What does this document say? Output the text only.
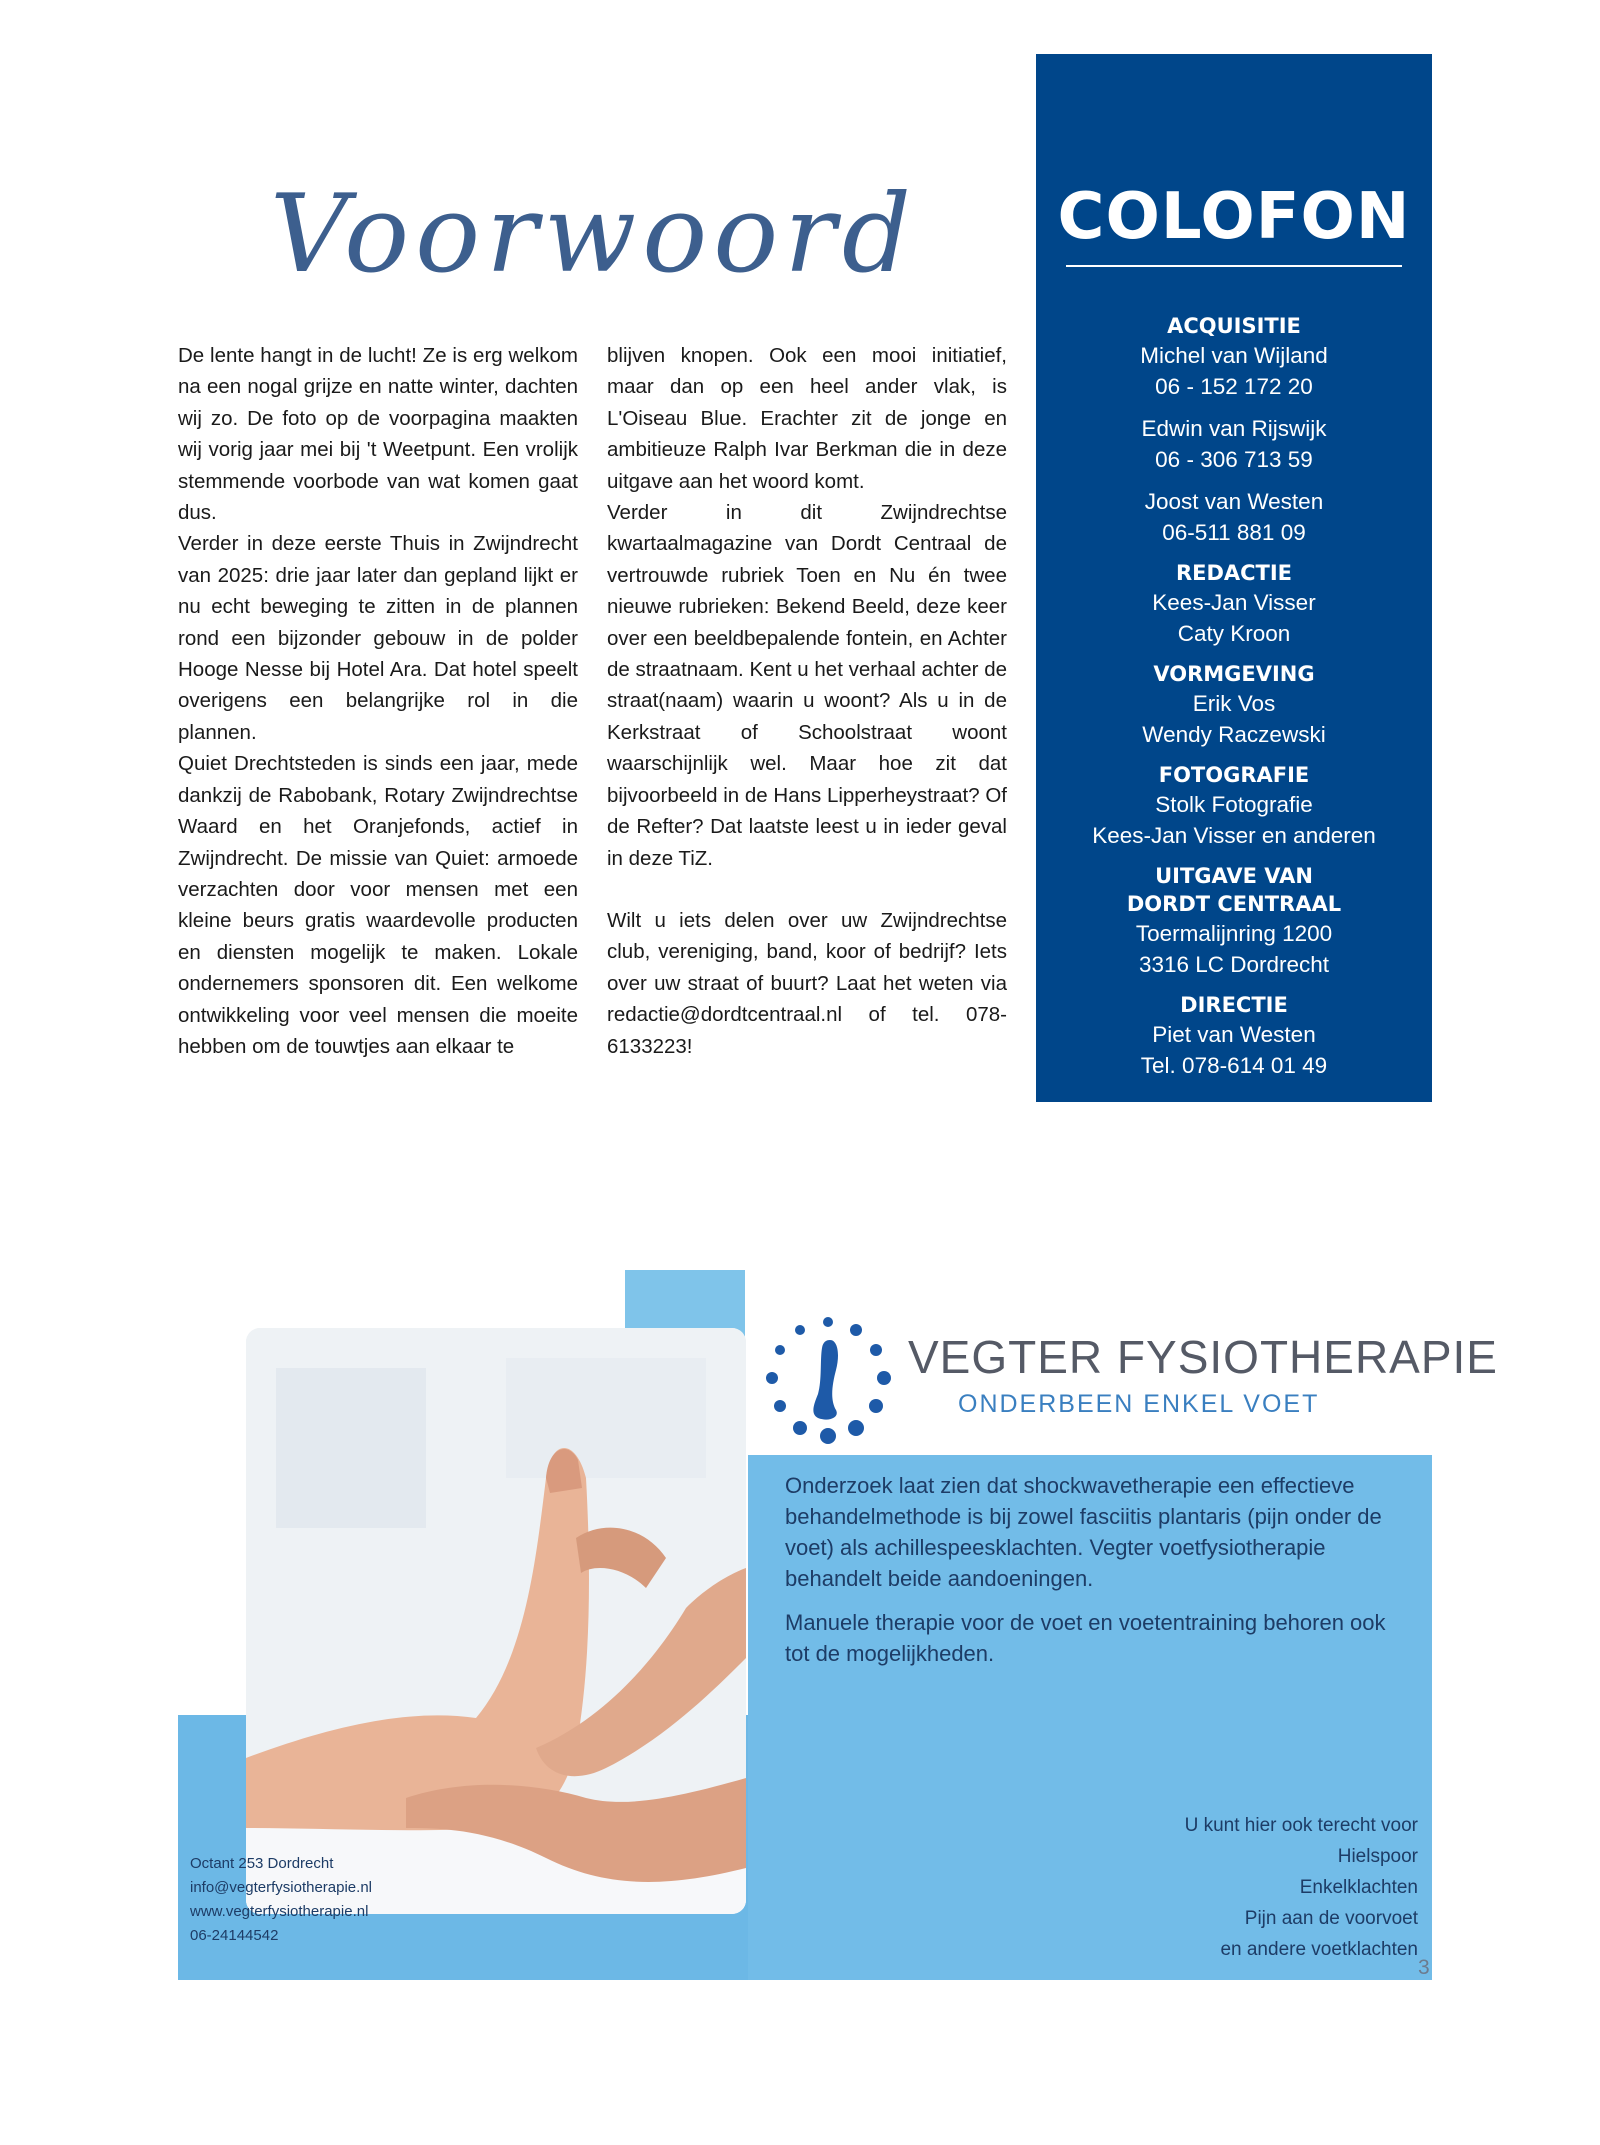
Voorwoord

De lente hangt in de lucht! Ze is erg welkom na een nogal grijze en natte winter, dachten wij zo. De foto op de voorpagina maakten wij vorig jaar mei bij 't Weetpunt. Een vrolijk stemmende voorbode van wat komen gaat dus.

Verder in deze eerste Thuis in Zwijndrecht van 2025: drie jaar later dan gepland lijkt er nu echt beweging te zitten in de plannen rond een bijzonder gebouw in de polder Hooge Nesse bij Hotel Ara. Dat hotel speelt overigens een belangrijke rol in die plannen.

Quiet Drechtsteden is sinds een jaar, mede dankzij de Rabobank, Rotary Zwijndrechtse Waard en het Oranjefonds, actief in Zwijndrecht. De missie van Quiet: armoede verzachten door voor mensen met een kleine beurs gratis waardevolle producten en diensten mogelijk te maken. Lokale ondernemers sponsoren dit. Een welkome ontwikkeling voor veel mensen die moeite hebben om de touwtjes aan elkaar te

blijven knopen. Ook een mooi initiatief, maar dan op een heel ander vlak, is L'Oiseau Blue. Erachter zit de jonge en ambitieuze Ralph Ivar Berkman die in deze uitgave aan het woord komt.

Verder in dit Zwijndrechtse kwartaalmagazine van Dordt Centraal de vertrouwde rubriek Toen en Nu én twee nieuwe rubrieken: Bekend Beeld, deze keer over een beeldbepalende fontein, en Achter de straatnaam. Kent u het verhaal achter de straat(naam) waarin u woont? Als u in de Kerkstraat of Schoolstraat woont waarschijnlijk wel. Maar hoe zit dat bijvoorbeeld in de Hans Lipperheystraat? Of de Refter? Dat laatste leest u in ieder geval in deze TiZ.

Wilt u iets delen over uw Zwijndrechtse club, vereniging, band, koor of bedrijf? Iets over uw straat of buurt? Laat het weten via redactie@dordtcentraal.nl of tel. 078-6133223!

COLOFON
ACQUISITIE
Michel van Wijland
06 - 152 172 20
Edwin van Rijswijk
06 - 306 713 59
Joost van Westen
06-511 881 09
REDACTIE
Kees-Jan Visser
Caty Kroon
VORMGEVING
Erik Vos
Wendy Raczewski
FOTOGRAFIE
Stolk Fotografie
Kees-Jan Visser en anderen
UITGAVE VAN
DORDT CENTRAAL
Toermalijnring 1200
3316 LC Dordrecht
DIRECTIE
Piet van Westen
Tel. 078-614 01 49
VEGTER FYSIOTHERAPIE
ONDERBEEN ENKEL VOET

Onderzoek laat zien dat shockwavetherapie een effectieve behandelmethode is bij zowel fasciitis plantaris (pijn onder de voet) als achillespeesklachten. Vegter voetfysiotherapie behandelt beide aandoeningen.

Manuele therapie voor de voet en voetentraining behoren ook tot de mogelijkheden.

U kunt hier ook terecht voor
Hielspoor
Enkelklachten
Pijn aan de voorvoet
en andere voetklachten
Octant 253 Dordrecht
info@vegterfysiotherapie.nl
www.vegterfysiotherapie.nl
06-24144542
3
